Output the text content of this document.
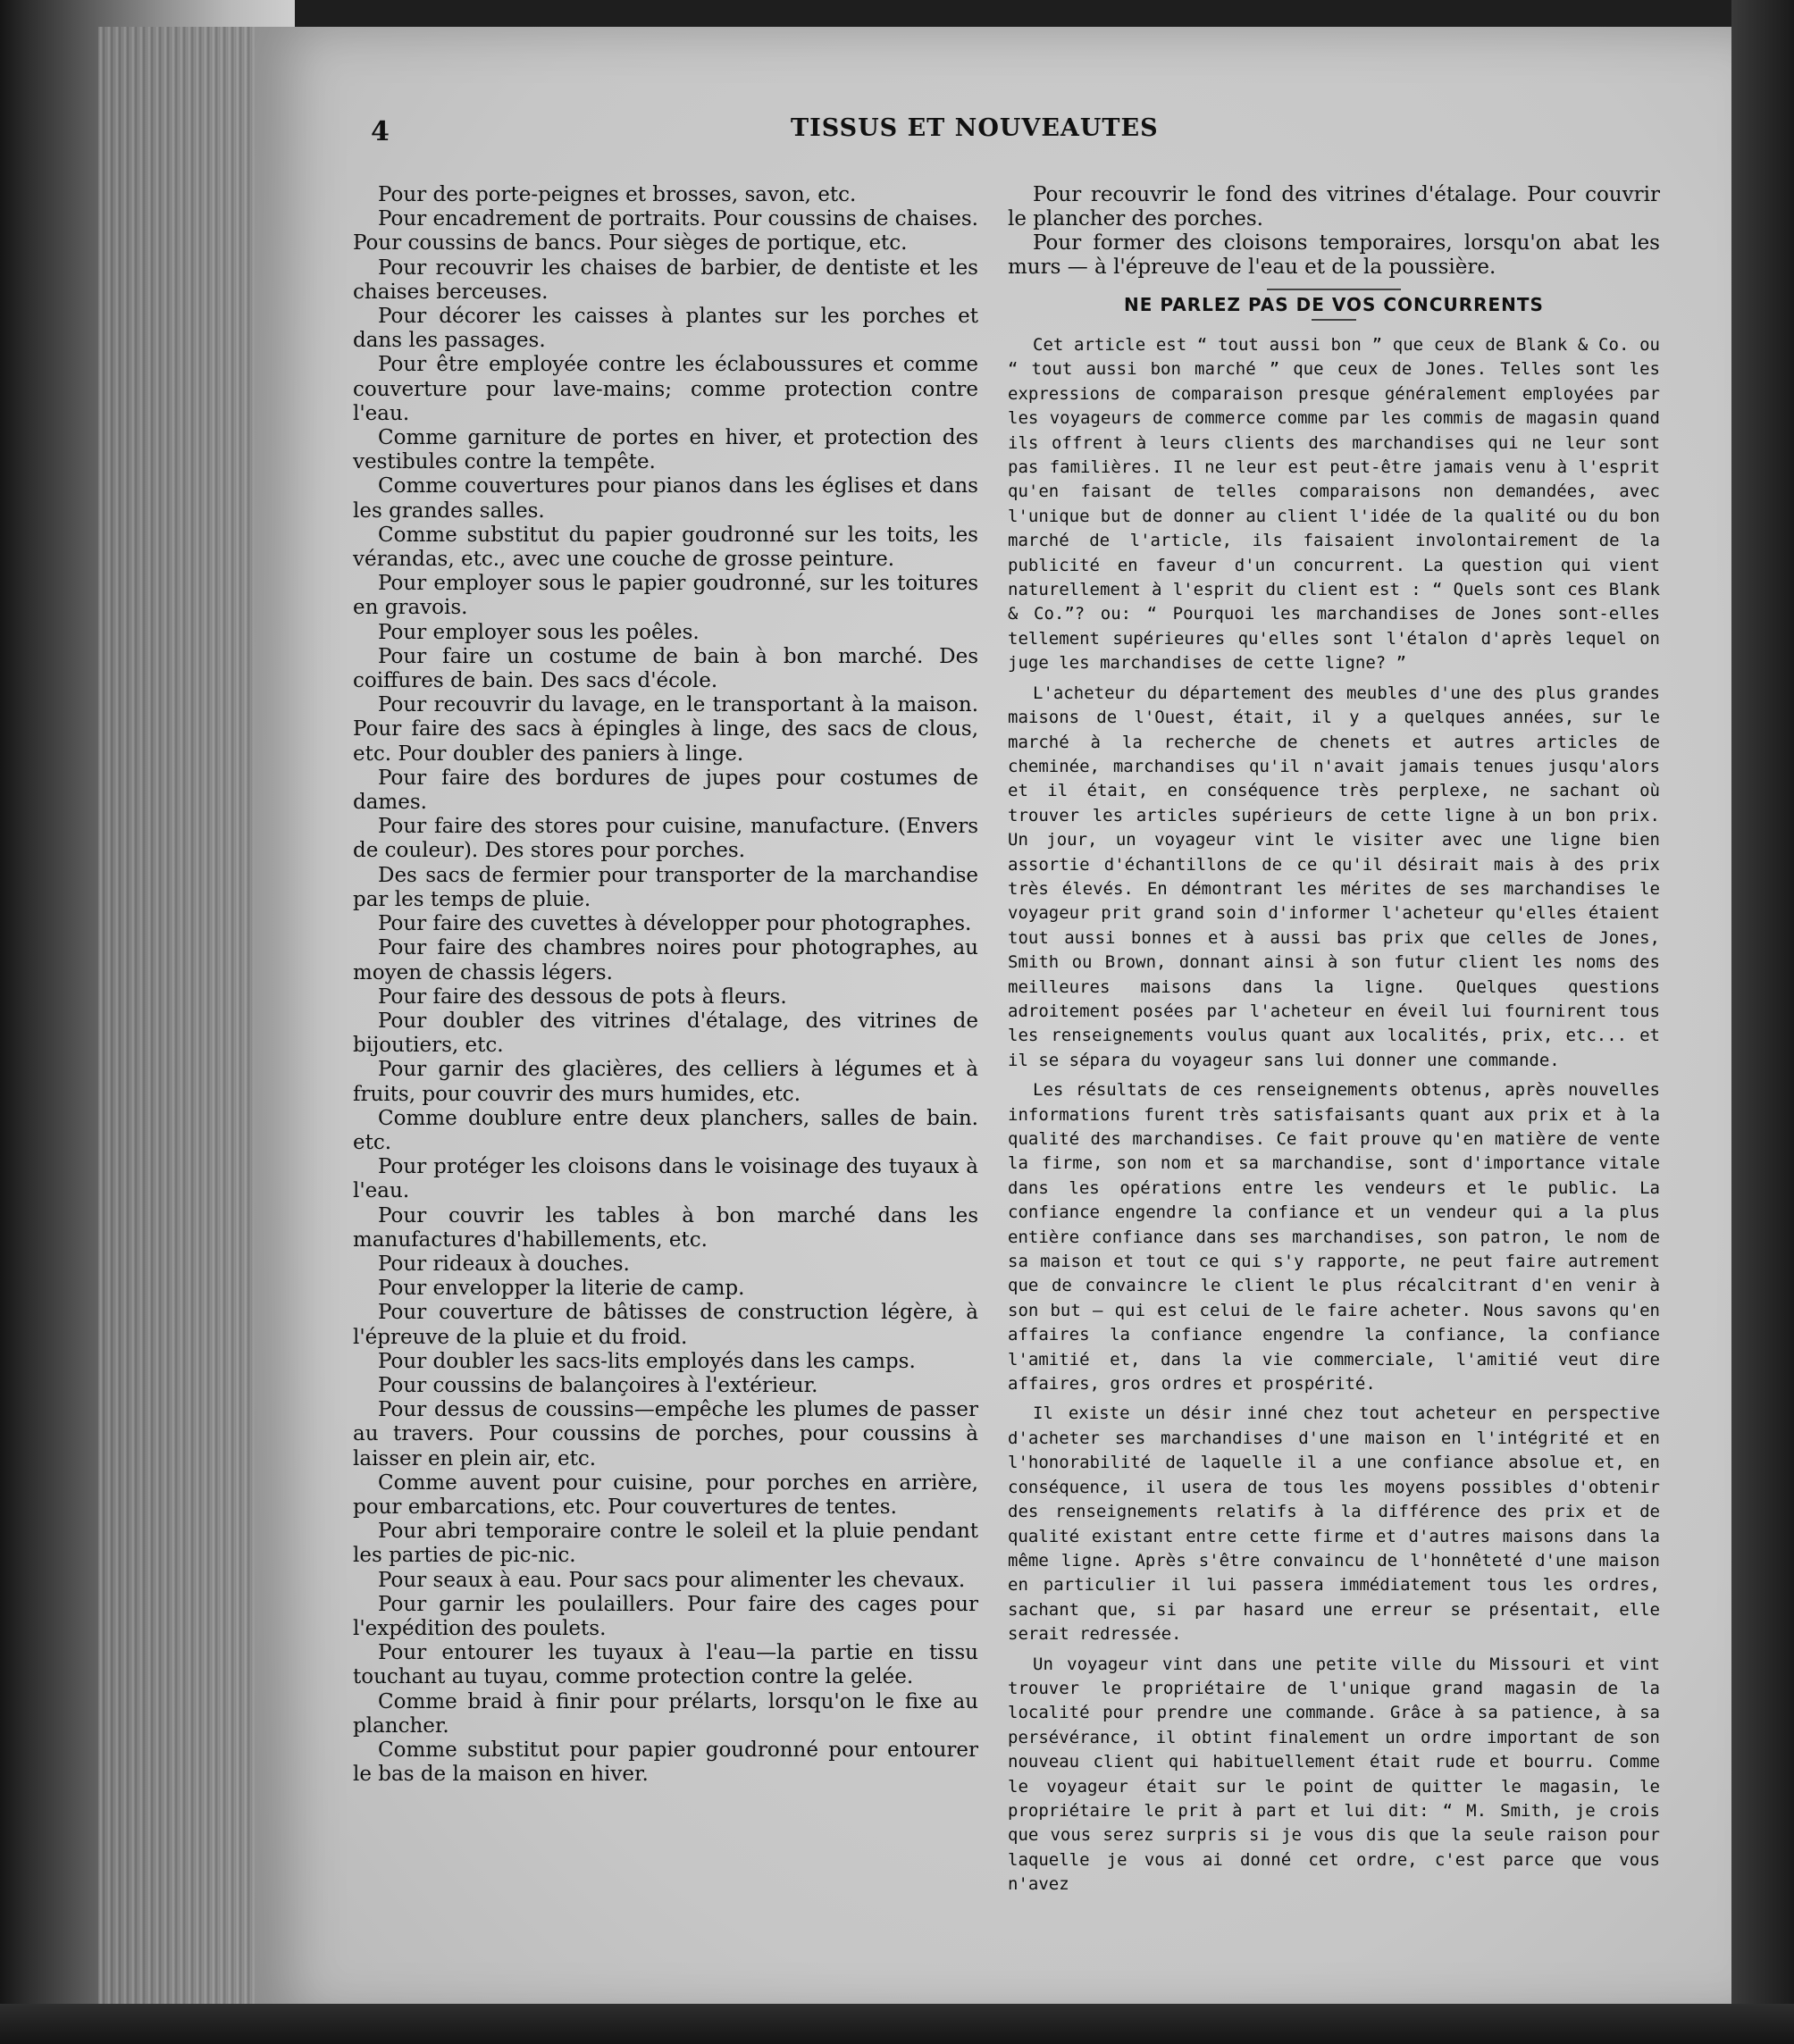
4	TISSUS ET NOUVEAUTES

Pour des porte-peignes et brosses, savon, etc.

Pour encadrement de portraits. Pour coussins de chaises. Pour coussins de bancs. Pour sièges de portique, etc.

Pour recouvrir les chaises de barbier, de dentiste et les chaises berceuses.

Pour décorer les caisses à plantes sur les porches et dans les passages.

Pour être employée contre les éclaboussures et comme couverture pour lave-mains; comme protection contre l'eau.

Comme garniture de portes en hiver, et protection des vestibules contre la tempête.

Comme couvertures pour pianos dans les églises et dans les grandes salles.

Comme substitut du papier goudronné sur les toits, les vérandas, etc., avec une couche de grosse peinture.

Pour employer sous le papier goudronné, sur les toitures en gravois.

Pour employer sous les poêles.

Pour faire un costume de bain à bon marché. Des coiffures de bain. Des sacs d'école.

Pour recouvrir du lavage, en le transportant à la maison. Pour faire des sacs à épingles à linge, des sacs de clous, etc. Pour doubler des paniers à linge.

Pour faire des bordures de jupes pour costumes de dames.

Pour faire des stores pour cuisine, manufacture. (Envers de couleur). Des stores pour porches.

Des sacs de fermier pour transporter de la marchandise par les temps de pluie.

Pour faire des cuvettes à développer pour photographes.

Pour faire des chambres noires pour photographes, au moyen de chassis légers.

Pour faire des dessous de pots à fleurs.

Pour doubler des vitrines d'étalage, des vitrines de bijoutiers, etc.

Pour garnir des glacières, des celliers à légumes et à fruits, pour couvrir des murs humides, etc.

Comme doublure entre deux planchers, salles de bain. etc.

Pour protéger les cloisons dans le voisinage des tuyaux à l'eau.

Pour couvrir les tables à bon marché dans les manufactures d'habillements, etc.

Pour rideaux à douches.

Pour envelopper la literie de camp.

Pour couverture de bâtisses de construction légère, à l'épreuve de la pluie et du froid.

Pour doubler les sacs-lits employés dans les camps.

Pour coussins de balançoires à l'extérieur.

Pour dessus de coussins—empêche les plumes de passer au travers. Pour coussins de porches, pour coussins à laisser en plein air, etc.

Comme auvent pour cuisine, pour porches en arrière, pour embarcations, etc. Pour couvertures de tentes.

Pour abri temporaire contre le soleil et la pluie pendant les parties de pic-nic.

Pour seaux à eau. Pour sacs pour alimenter les chevaux.

Pour garnir les poulaillers. Pour faire des cages pour l'expédition des poulets.

Pour entourer les tuyaux à l'eau—la partie en tissu touchant au tuyau, comme protection contre la gelée.

Comme braid à finir pour prélarts, lorsqu'on le fixe au plancher.

Comme substitut pour papier goudronné pour entourer le bas de la maison en hiver.

Pour recouvrir le fond des vitrines d'étalage. Pour couvrir le plancher des porches.

Pour former des cloisons temporaires, lorsqu'on abat les murs — à l'épreuve de l'eau et de la poussière.

NE PARLEZ PAS DE VOS CONCURRENTS

Cet article est “ tout aussi bon ” que ceux de Blank & Co. ou “ tout aussi bon marché ” que ceux de Jones. Telles sont les expressions de comparaison presque généralement employées par les voyageurs de commerce comme par les commis de magasin quand ils offrent à leurs clients des marchandises qui ne leur sont pas familières. Il ne leur est peut-être jamais venu à l'esprit qu'en faisant de telles comparaisons non demandées, avec l'unique but de donner au client l'idée de la qualité ou du bon marché de l'article, ils faisaient involontairement de la publicité en faveur d'un concurrent. La question qui vient naturellement à l'esprit du client est : “ Quels sont ces Blank & Co.”? ou: “ Pourquoi les marchandises de Jones sont-elles tellement supérieures qu'elles sont l'étalon d'après lequel on juge les marchandises de cette ligne? ”

L'acheteur du département des meubles d'une des plus grandes maisons de l'Ouest, était, il y a quelques années, sur le marché à la recherche de chenets et autres articles de cheminée, marchandises qu'il n'avait jamais tenues jusqu'alors et il était, en conséquence très perplexe, ne sachant où trouver les articles supérieurs de cette ligne à un bon prix. Un jour, un voyageur vint le visiter avec une ligne bien assortie d'échantillons de ce qu'il désirait mais à des prix très élevés. En démontrant les mérites de ses marchandises le voyageur prit grand soin d'informer l'acheteur qu'elles étaient tout aussi bonnes et à aussi bas prix que celles de Jones, Smith ou Brown, donnant ainsi à son futur client les noms des meilleures maisons dans la ligne. Quelques questions adroitement posées par l'acheteur en éveil lui fournirent tous les renseignements voulus quant aux localités, prix, etc... et il se sépara du voyageur sans lui donner une commande.

Les résultats de ces renseignements obtenus, après nouvelles informations furent très satisfaisants quant aux prix et à la qualité des marchandises. Ce fait prouve qu'en matière de vente la firme, son nom et sa marchandise, sont d'importance vitale dans les opérations entre les vendeurs et le public. La confiance engendre la confiance et un vendeur qui a la plus entière confiance dans ses marchandises, son patron, le nom de sa maison et tout ce qui s'y rapporte, ne peut faire autrement que de convaincre le client le plus récalcitrant d'en venir à son but — qui est celui de le faire acheter. Nous savons qu'en affaires la confiance engendre la confiance, la confiance l'amitié et, dans la vie commerciale, l'amitié veut dire affaires, gros ordres et prospérité.

Il existe un désir inné chez tout acheteur en perspective d'acheter ses marchandises d'une maison en l'intégrité et en l'honorabilité de laquelle il a une confiance absolue et, en conséquence, il usera de tous les moyens possibles d'obtenir des renseignements relatifs à la différence des prix et de qualité existant entre cette firme et d'autres maisons dans la même ligne. Après s'être convaincu de l'honnêteté d'une maison en particulier il lui passera immédiatement tous les ordres, sachant que, si par hasard une erreur se présentait, elle serait redressée.

Un voyageur vint dans une petite ville du Missouri et vint trouver le propriétaire de l'unique grand magasin de la localité pour prendre une commande. Grâce à sa patience, à sa persévérance, il obtint finalement un ordre important de son nouveau client qui habituellement était rude et bourru. Comme le voyageur était sur le point de quitter le magasin, le propriétaire le prit à part et lui dit: “ M. Smith, je crois que vous serez surpris si je vous dis que la seule raison pour laquelle je vous ai donné cet ordre, c'est parce que vous n'avez
